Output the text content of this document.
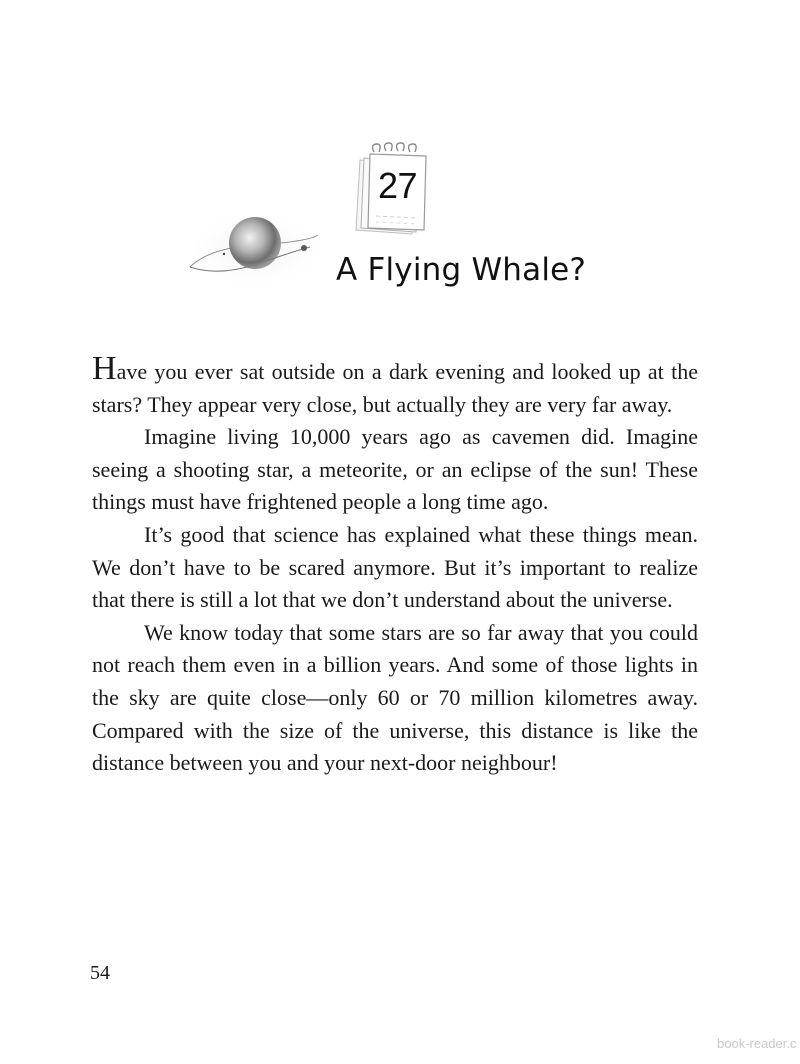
27
A Flying Whale?

Have you ever sat outside on a dark evening and looked up at the stars? They appear very close, but actually they are very far away.

Imagine living 10,000 years ago as cavemen did. Imagine seeing a shooting star, a meteorite, or an eclipse of the sun! These things must have frightened people a long time ago.

It’s good that science has explained what these things mean. We don’t have to be scared anymore. But it’s important to realize that there is still a lot that we don’t understand about the universe.

We know today that some stars are so far away that you could not reach them even in a billion years. And some of those lights in the sky are quite close—only 60 or 70 million kilometres away. Compared with the size of the universe, this distance is like the distance between you and your next-door neighbour!

54
book-reader.c
